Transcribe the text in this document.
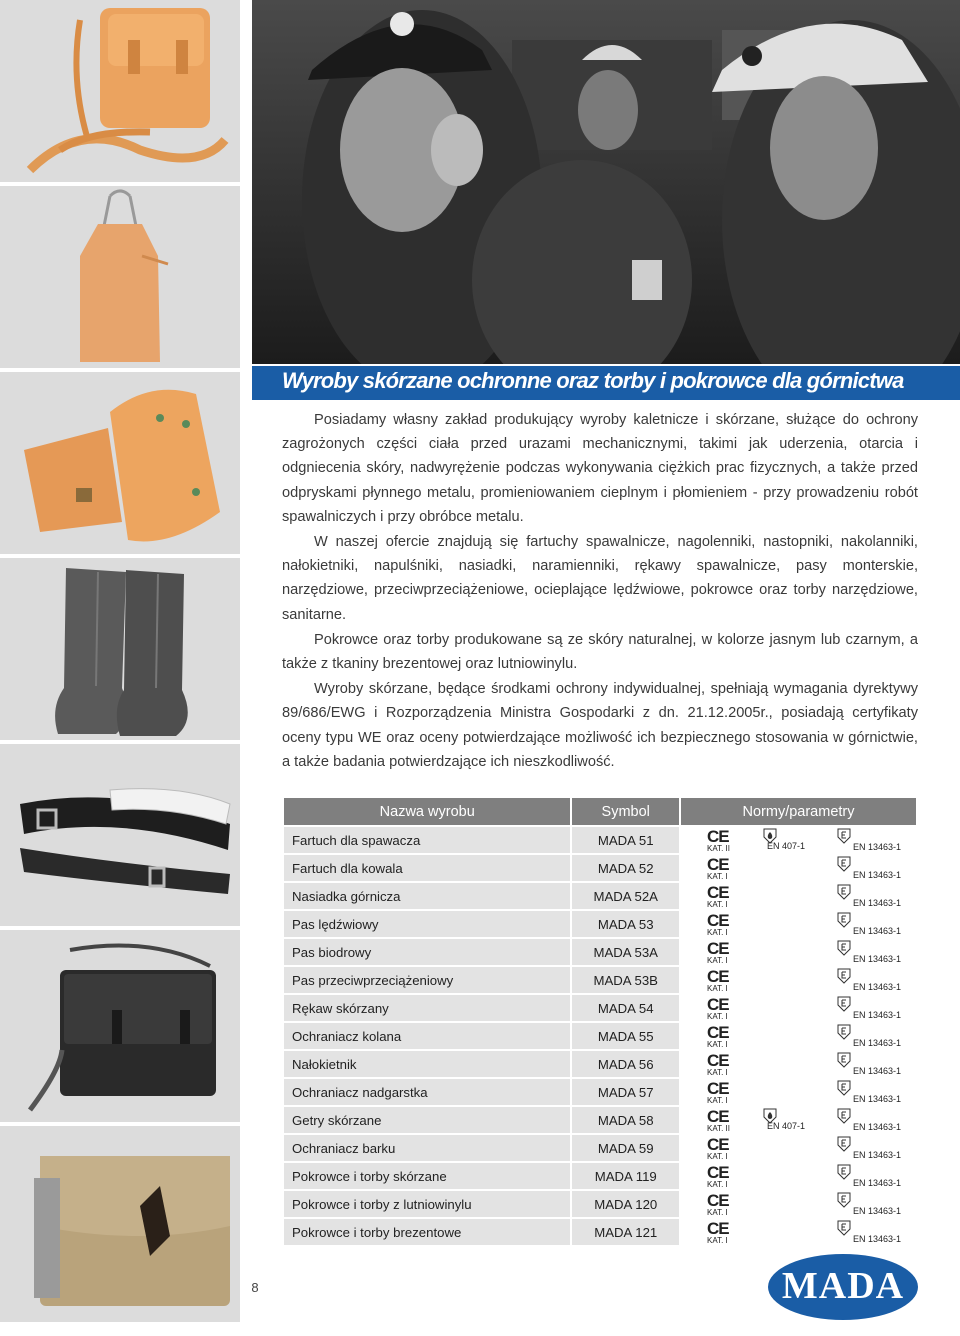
Wyroby skórzane ochronne oraz torby i pokrowce dla górnictwa

Posiadamy własny zakład produkujący wyroby kaletnicze i skórzane, służące do ochrony zagrożonych części ciała przed urazami mechanicznymi, takimi jak uderzenia, otarcia i odgniecenia skóry, nadwyrężenie podczas wykonywania ciężkich prac fizycznych, a także przed odpryskami płynnego metalu, promieniowaniem cieplnym i płomieniem - przy prowadzeniu robót spawalniczych i przy obróbce metalu.

W naszej ofercie znajdują się fartuchy spawalnicze, nagolenniki, nastopniki, nakolanniki, nałokietniki, napulśniki, nasiadki, naramienniki, rękawy spawalnicze, pasy monterskie, narzędziowe, przeciwprzeciążeniowe, ocieplające lędźwiowe, pokrowce oraz torby narzędziowe, sanitarne.

Pokrowce oraz torby produkowane są ze skóry naturalnej, w kolorze jasnym lub czarnym, a także z tkaniny brezentowej oraz lutniowinylu.

Wyroby skórzane, będące środkami ochrony indywidualnej, spełniają wymagania dyrektywy 89/686/EWG i Rozporządzenia Ministra Gospodarki z dn. 21.12.2005r., posiadają certyfikaty oceny typu WE oraz oceny potwierdzające możliwość ich bezpiecznego stosowania w górnictwie, a także badania potwierdzające ich nieszkodliwość.

Nazwa wyrobu	Symbol	Normy/parametry
Fartuch dla spawacza	MADA 51	CE
KAT. II EN 407-1 EN 13463-1

Fartuch dla kowala	MADA 52	CE
KAT. I EN 13463-1

Nasiadka górnicza	MADA 52A	CE
KAT. I EN 13463-1

Pas lędźwiowy	MADA 53	CE
KAT. I EN 13463-1

Pas biodrowy	MADA 53A	CE
KAT. I EN 13463-1

Pas przeciwprzeciążeniowy	MADA 53B	CE
KAT. I EN 13463-1

Rękaw skórzany	MADA 54	CE
KAT. I EN 13463-1

Ochraniacz kolana	MADA 55	CE
KAT. I EN 13463-1

Nałokietnik	MADA 56	CE
KAT. I EN 13463-1

Ochraniacz nadgarstka	MADA 57	CE
KAT. I EN 13463-1

Getry skórzane	MADA 58	CE
KAT. II EN 407-1 EN 13463-1

Ochraniacz barku	MADA 59	CE
KAT. I EN 13463-1

Pokrowce i torby skórzane	MADA 119	CE
KAT. I EN 13463-1

Pokrowce i torby z lutniowinylu	MADA 120	CE
KAT. I EN 13463-1

Pokrowce i torby brezentowe	MADA 121	CE
KAT. I EN 13463-1
8	MADA
